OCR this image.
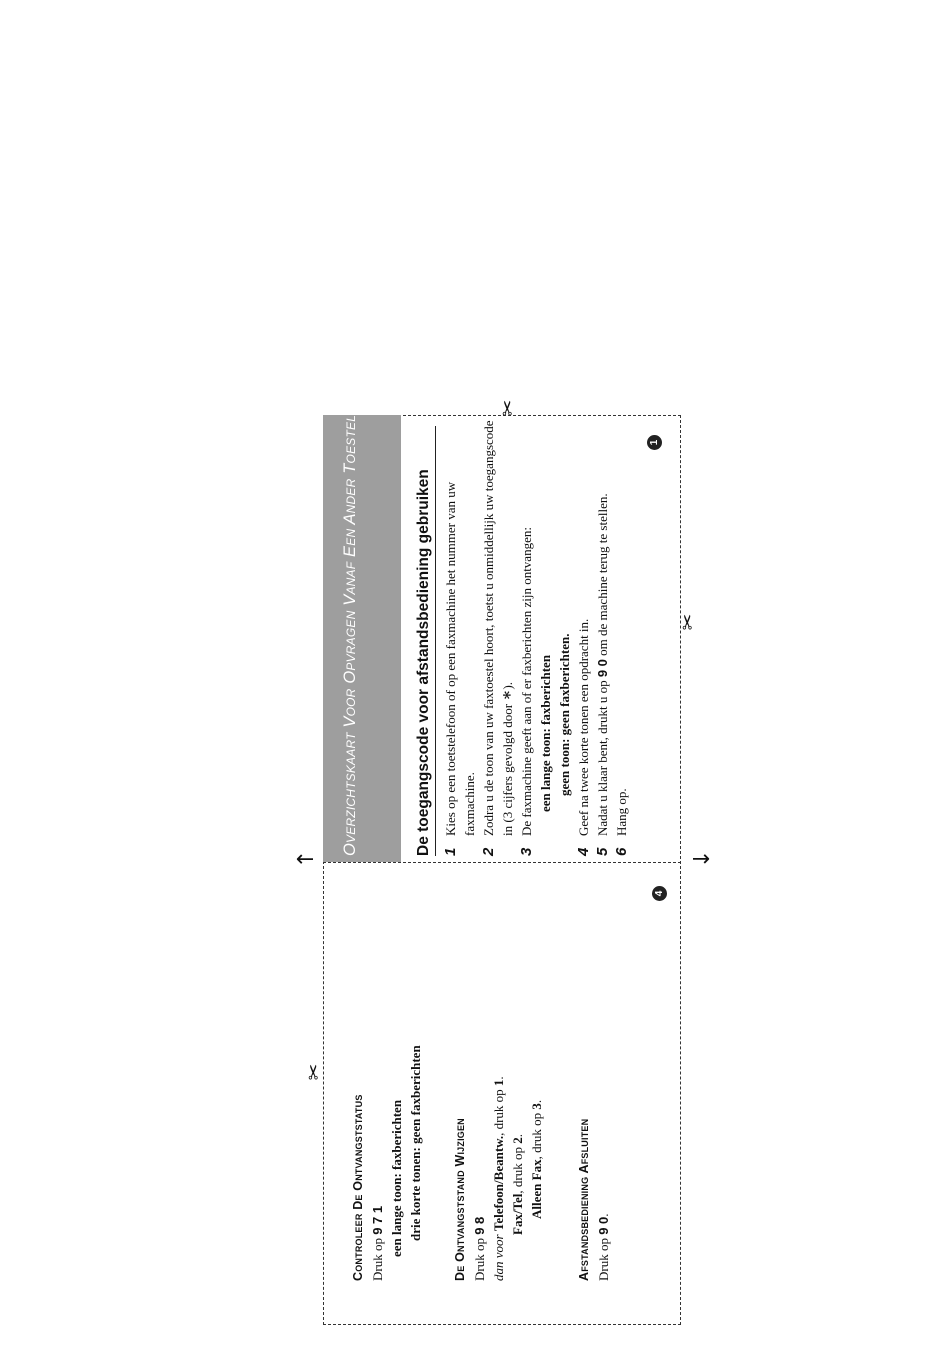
Overzichtskaart Voor Opvragen Vanaf Een Ander Toestel	De toegangscode voor afstandsbediening gebruiken 1
Kies op een toetstelefoon of op een faxmachine het nummer van uw faxmachine.
2
Zodra u de toon van uw faxtoestel hoort, toetst u onmiddellijk uw toegangscode in (3 cijfers gevolgd door ∗).
3
De faxmachine geeft aan of er faxberichten zijn ontvangen: een lange toon: faxberichten geen toon: geen faxberichten.
4
Geef na twee korte tonen een opdracht in.
5
Nadat u klaar bent, drukt u op 9 0 om de machine terug te stellen.
6
Hang op.
1
Controleer De Ontvangststatus Druk op 9 7 1 een lange toon: faxberichten drie korte tonen: geen faxberichten De Ontvangststand Wijzigen Druk op 9 8
dan voor Telefoon/Beantw., druk op 1.
Fax/Tel, druk op 2.
Alleen Fax, druk op 3.
Afstandsbediening Afsluiten Druk op 9 0.
4
✂
✂
✂
↑	↑
